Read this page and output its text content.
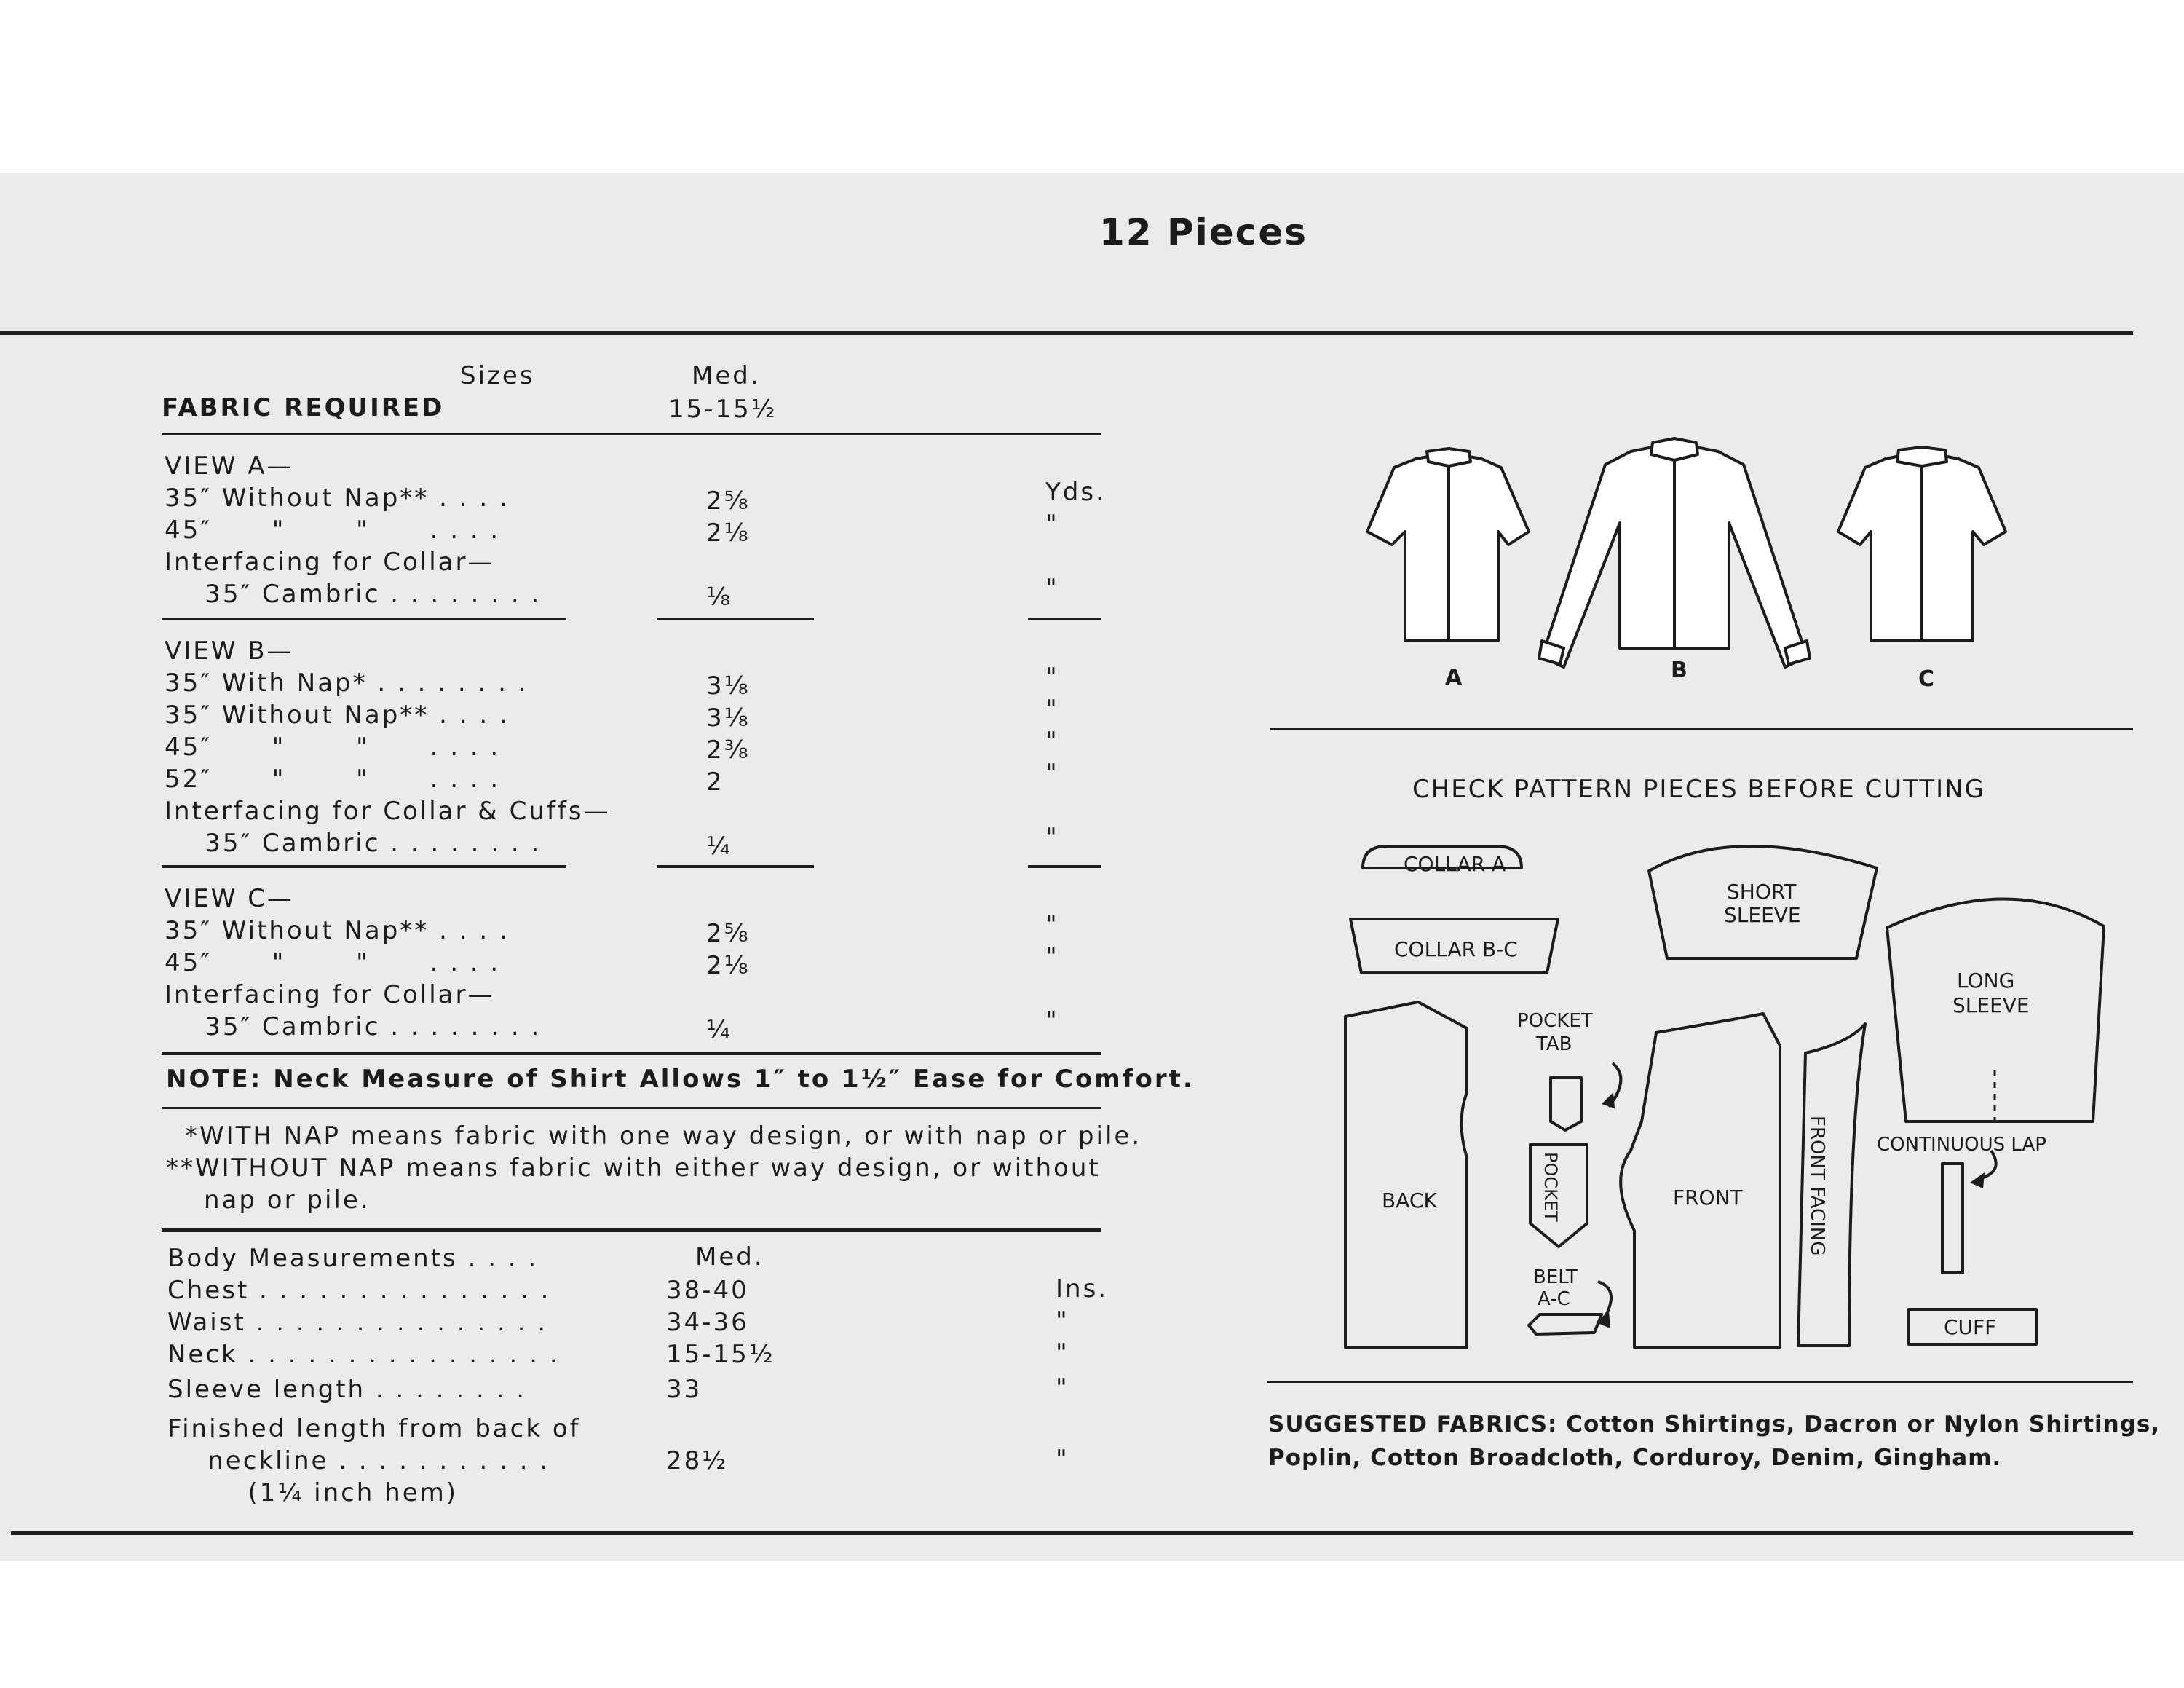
12 Pieces
Sizes
FABRIC REQUIRED
Med.
15-15½
VIEW A—
35″ Without Nap** . . . .	2⅝	Yds.
45″      "       "      . . . .	2⅛	"
Interfacing for Collar—
35″ Cambric . . . . . . . .	⅛	"
VIEW B—
35″ With Nap* . . . . . . . .	3⅛	"
35″ Without Nap** . . . .	3⅛	"
45″      "       "      . . . .	2⅜	"
52″      "       "      . . . .	2	"
Interfacing for Collar & Cuffs—
35″ Cambric . . . . . . . .	¼	"
VIEW C—
35″ Without Nap** . . . .	2⅝	"
45″      "       "      . . . .	2⅛	"
Interfacing for Collar—
35″ Cambric . . . . . . . .	¼	"
NOTE: Neck Measure of Shirt Allows 1″ to 1½″ Ease for Comfort.
*WITH NAP means fabric with one way design, or with nap or pile.
**WITHOUT NAP means fabric with either way design, or without
nap or pile.
Body Measurements . . . .	Med.
Chest . . . . . . . . . . . . . . .	38-40	Ins.
Waist . . . . . . . . . . . . . . .	34-36	"
Neck . . . . . . . . . . . . . . . .	15-15½	"
Sleeve length . . . . . . . .	33	"
Finished length from back of
neckline . . . . . . . . . . .	28½	"
(1¼ inch hem)
A	B	C
CHECK PATTERN PIECES BEFORE CUTTING
COLLAR A
COLLAR B-C
SHORT
SLEEVE
LONG
SLEEVE
BACK
POCKET
TAB
POCKET
BELT
A-C
FRONT	FRONT FACING	CONTINUOUS LAP
CUFF
SUGGESTED FABRICS: Cotton Shirtings, Dacron or Nylon Shirtings,
Poplin, Cotton Broadcloth, Corduroy, Denim, Gingham.
